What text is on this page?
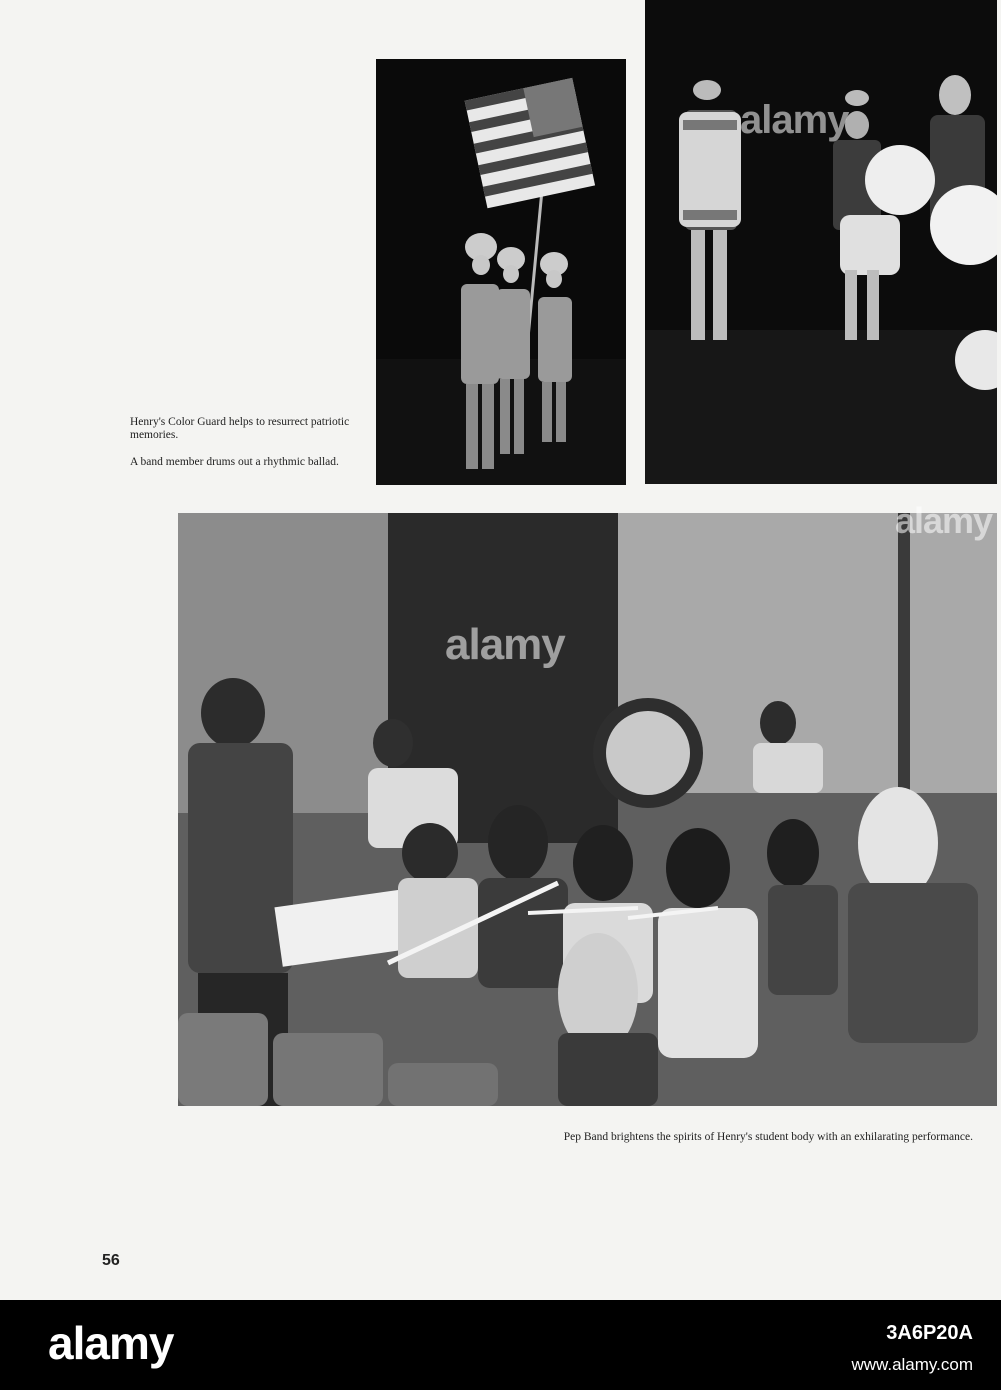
alamy
alamy
alamy

Henry's Color Guard helps to resurrect patriotic memories.

A band member drums out a rhythmic ballad.

Pep Band brightens the spirits of Henry's student body with an exhilarating performance.
56
alamy	3A6P20A
www.alamy.com
